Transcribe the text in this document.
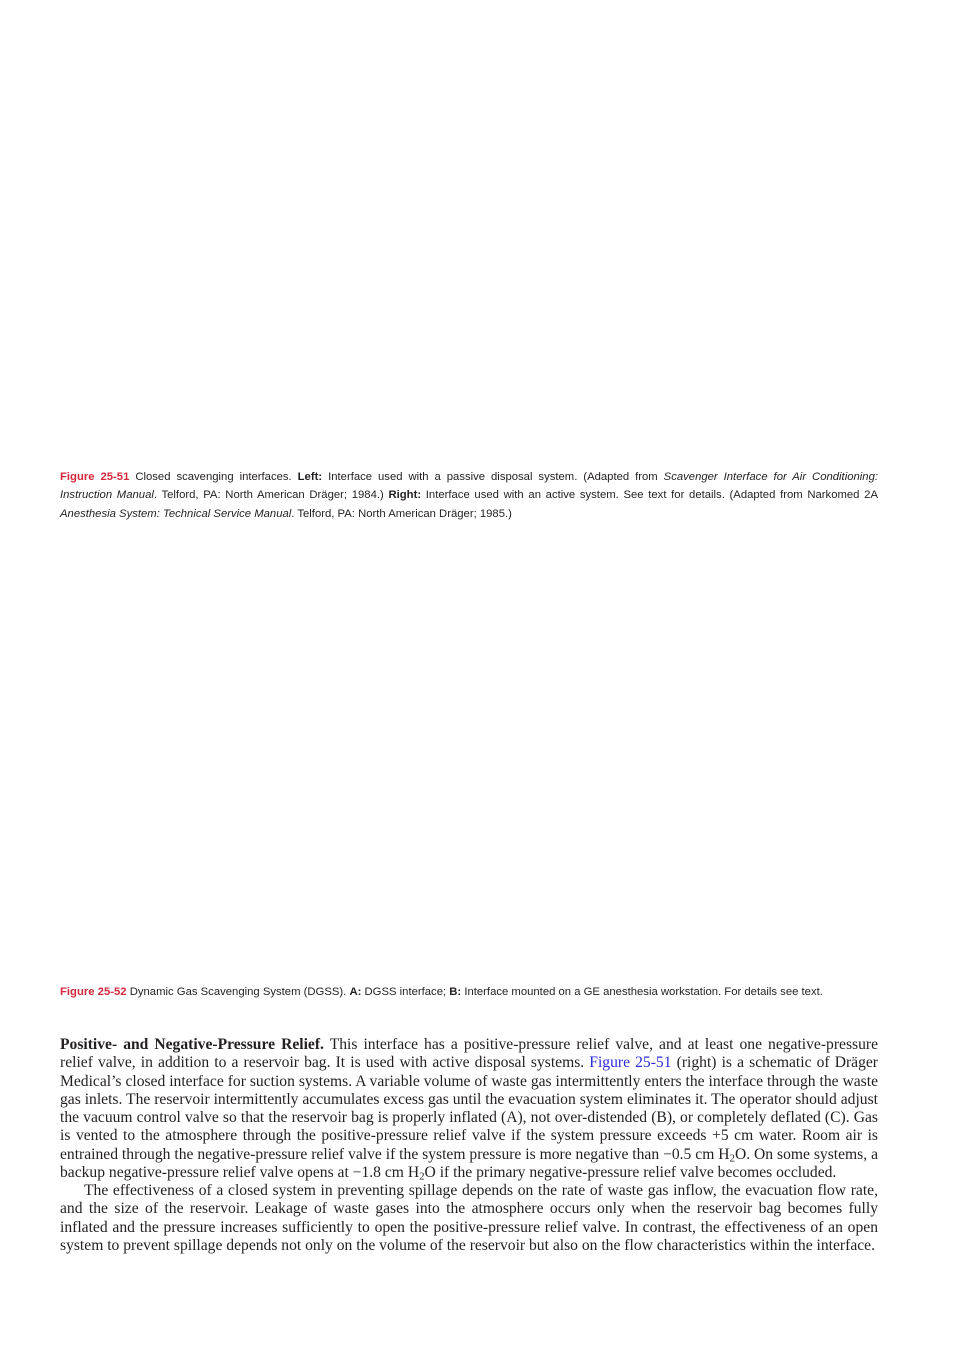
Figure 25-51 Closed scavenging interfaces. Left: Interface used with a passive disposal system. (Adapted from Scavenger Interface for Air Conditioning: Instruction Manual. Telford, PA: North American Dräger; 1984.) Right: Interface used with an active system. See text for details. (Adapted from Narkomed 2A Anesthesia System: Technical Service Manual. Telford, PA: North American Dräger; 1985.)

Figure 25-52 Dynamic Gas Scavenging System (DGSS). A: DGSS interface; B: Interface mounted on a GE anesthesia workstation. For details see text.

Positive- and Negative-Pressure Relief. This interface has a positive-pressure relief valve, and at least one negative-pressure relief valve, in addition to a reservoir bag. It is used with active disposal systems. Figure 25-51 (right) is a schematic of Dräger Medical’s closed interface for suction systems. A variable volume of waste gas intermittently enters the interface through the waste gas inlets. The reservoir intermittently accumulates excess gas until the evacuation system eliminates it. The operator should adjust the vacuum control valve so that the reservoir bag is properly inflated (A), not over-distended (B), or completely deflated (C). Gas is vented to the atmosphere through the positive-pressure relief valve if the system pressure exceeds +5 cm water. Room air is entrained through the negative-pressure relief valve if the system pressure is more negative than −0.5 cm $H_2O$. On some systems, a backup negative-pressure relief valve opens at −1.8 cm $H_2O$ if the primary negative-pressure relief valve becomes occluded.

The effectiveness of a closed system in preventing spillage depends on the rate of waste gas inflow, the evacuation flow rate, and the size of the reservoir. Leakage of waste gases into the atmosphere occurs only when the reservoir bag becomes fully inflated and the pressure increases sufficiently to open the positive-pressure relief valve. In contrast, the effectiveness of an open system to prevent spillage depends not only on the volume of the reservoir but also on the flow characteristics within the interface.
